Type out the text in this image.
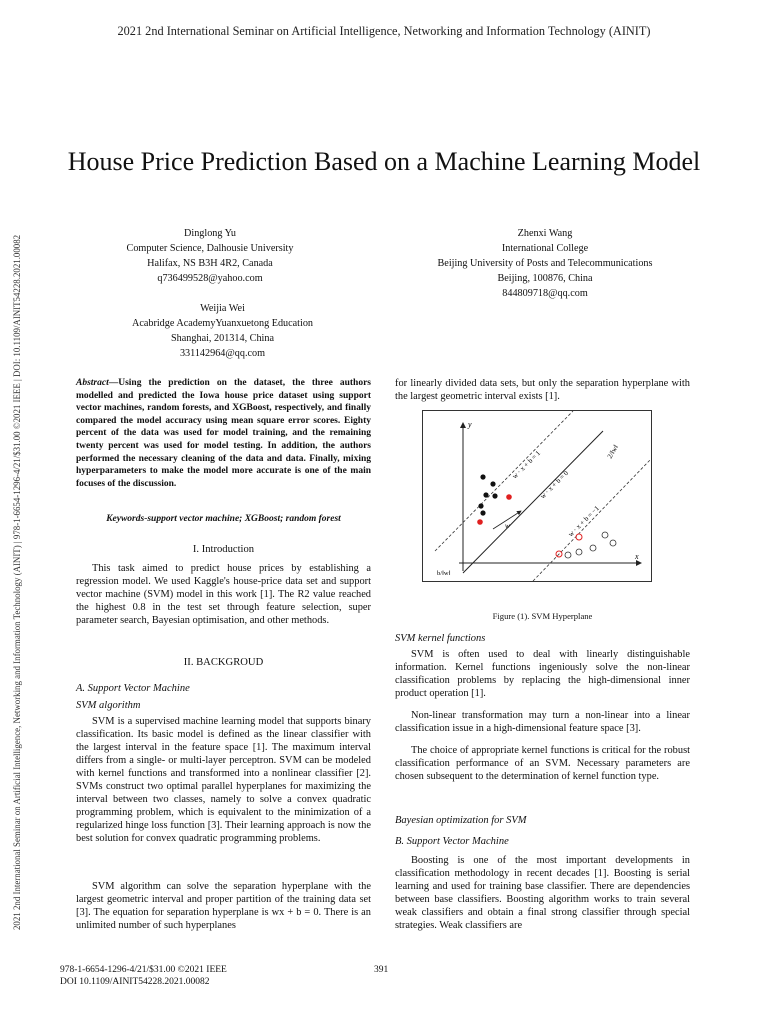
2021 2nd International Seminar on Artificial Intelligence, Networking and Information Technology (AINIT)
2021 2nd International Seminar on Artificial Intelligence, Networking and Information Technology (AINIT) | 978-1-6654-1296-4/21/$31.00 ©2021 IEEE | DOI: 10.1109/AINIT54228.2021.00082
House Price Prediction Based on a Machine Learning Model
Dinglong Yu
Computer Science, Dalhousie University
Halifax, NS B3H 4R2, Canada
q736499528@yahoo.com
Zhenxi Wang
International College
Beijing University of Posts and Telecommunications
Beijing, 100876, China
844809718@qq.com
Weijia Wei
Acabridge AcademyYuanxuetong Education
Shanghai, 201314, China
331142964@qq.com
Abstract—Using the prediction on the dataset, the three authors modelled and predicted the Iowa house price dataset using support vector machines, random forests, and XGBoost, respectively, and finally compared the model accuracy using mean square error scores. Eighty percent of the data was used for model training, and the remaining twenty percent was used for model testing. In addition, the authors performed the necessary cleaning of the data and data. Finally, mixing hyperparameters to make the model more accurate is one of the main focuses of the discussion.
Keywords-support vector machine; XGBoost; random forest
I. Introduction

This task aimed to predict house prices by establishing a regression model. We used Kaggle's house-price data set and support vector machine (SVM) model in this work [1]. The R2 value reached the highest 0.8 in the test set through feature selection, super parameter search, Bayesian optimisation, and other methods.

II. BACKGROUD
A. Support Vector Machine
SVM algorithm

SVM is a supervised machine learning model that supports binary classification. Its basic model is defined as the linear classifier with the largest interval in the feature space [1]. The maximum interval differs from a single- or multi-layer perceptron. SVM can be modeled with kernel functions and transformed into a nonlinear classifier [2]. SVMs construct two optimal parallel hyperplanes for maximizing the interval between two classes, namely to solve a convex quadratic programming problem, which is equivalent to the minimization of a regularized hinge loss function [3]. Their learning approach is now the best solution for convex quadratic programming problems.

SVM algorithm can solve the separation hyperplane with the largest geometric interval and proper partition of the training data set [3]. The equation for separation hyperplane is wx + b = 0. There is an unlimited number of such hyperplanes

for linearly divided data sets, but only the separation hyperplane with the largest geometric interval exists [1].
y
x
w
w · x + b = 1
w · x + b = 0
w · x + b = −1
2/‖w‖
b/‖w‖
Figure (1). SVM Hyperplane
SVM kernel functions

SVM is often used to deal with linearly distinguishable information. Kernel functions ingeniously solve the non-linear classification problems by replacing the high-dimensional inner product operation [1].

Non-linear transformation may turn a non-linear into a linear classification issue in a high-dimensional feature space [3].

The choice of appropriate kernel functions is critical for the robust classification performance of an SVM. Necessary parameters are chosen subsequent to the determination of kernel function type.

Bayesian optimization for SVM
B. Support Vector Machine

Boosting is one of the most important developments in classification methodology in recent decades [1]. Boosting is serial learning and used for training base classifier. There are dependencies between base classifiers. Boosting algorithm works to train several weak classifiers and obtain a final strong classifier through special strategies. Weak classifiers are

978-1-6654-1296-4/21/$31.00 ©2021 IEEE
DOI 10.1109/AINIT54228.2021.00082
391
